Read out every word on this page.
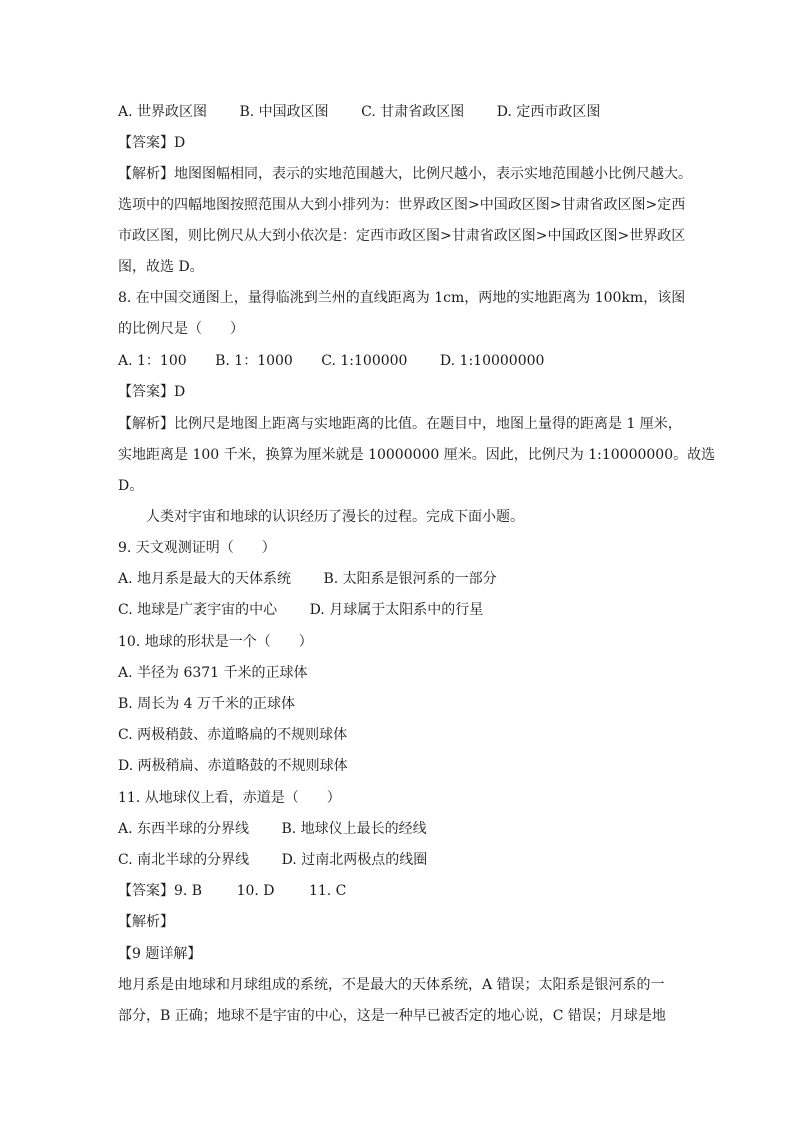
A. 世界政区图 B. 中国政区图 C. 甘肃省政区图 D. 定西市政区图
【答案】D
【解析】地图图幅相同，表示的实地范围越大，比例尺越小，表示实地范围越小比例尺越大。
选项中的四幅地图按照范围从大到小排列为：世界政区图>中国政区图>甘肃省政区图>定西
市政区图，则比例尺从大到小依次是：定西市政区图>甘肃省政区图>中国政区图>世界政区
图，故选 D。
8. 在中国交通图上，量得临洮到兰州的直线距离为 1cm，两地的实地距离为 100km，该图
的比例尺是（　　）
A. 1：100 B. 1：1000 C. 1:100000 D. 1:10000000
【答案】D
【解析】比例尺是地图上距离与实地距离的比值。在题目中，地图上量得的距离是 1 厘米，
实地距离是 100 千米，换算为厘米就是 10000000 厘米。因此，比例尺为 1:10000000。故选
D。
人类对宇宙和地球的认识经历了漫长的过程。完成下面小题。
9. 天文观测证明（　　）
A. 地月系是最大的天体系统 B. 太阳系是银河系的一部分
C. 地球是广袤宇宙的中心 D. 月球属于太阳系中的行星
10. 地球的形状是一个（　　）
A. 半径为 6371 千米的正球体
B. 周长为 4 万千米的正球体
C. 两极稍鼓、赤道略扁的不规则球体
D. 两极稍扁、赤道略鼓的不规则球体
11. 从地球仪上看，赤道是（　　）
A. 东西半球的分界线 B. 地球仪上最长的经线
C. 南北半球的分界线 D. 过南北两极点的线圈
【答案】9. B 10. D 11. C
【解析】
【9 题详解】
地月系是由地球和月球组成的系统，不是最大的天体系统，A 错误；太阳系是银河系的一
部分，B 正确；地球不是宇宙的中心，这是一种早已被否定的地心说，C 错误；月球是地
